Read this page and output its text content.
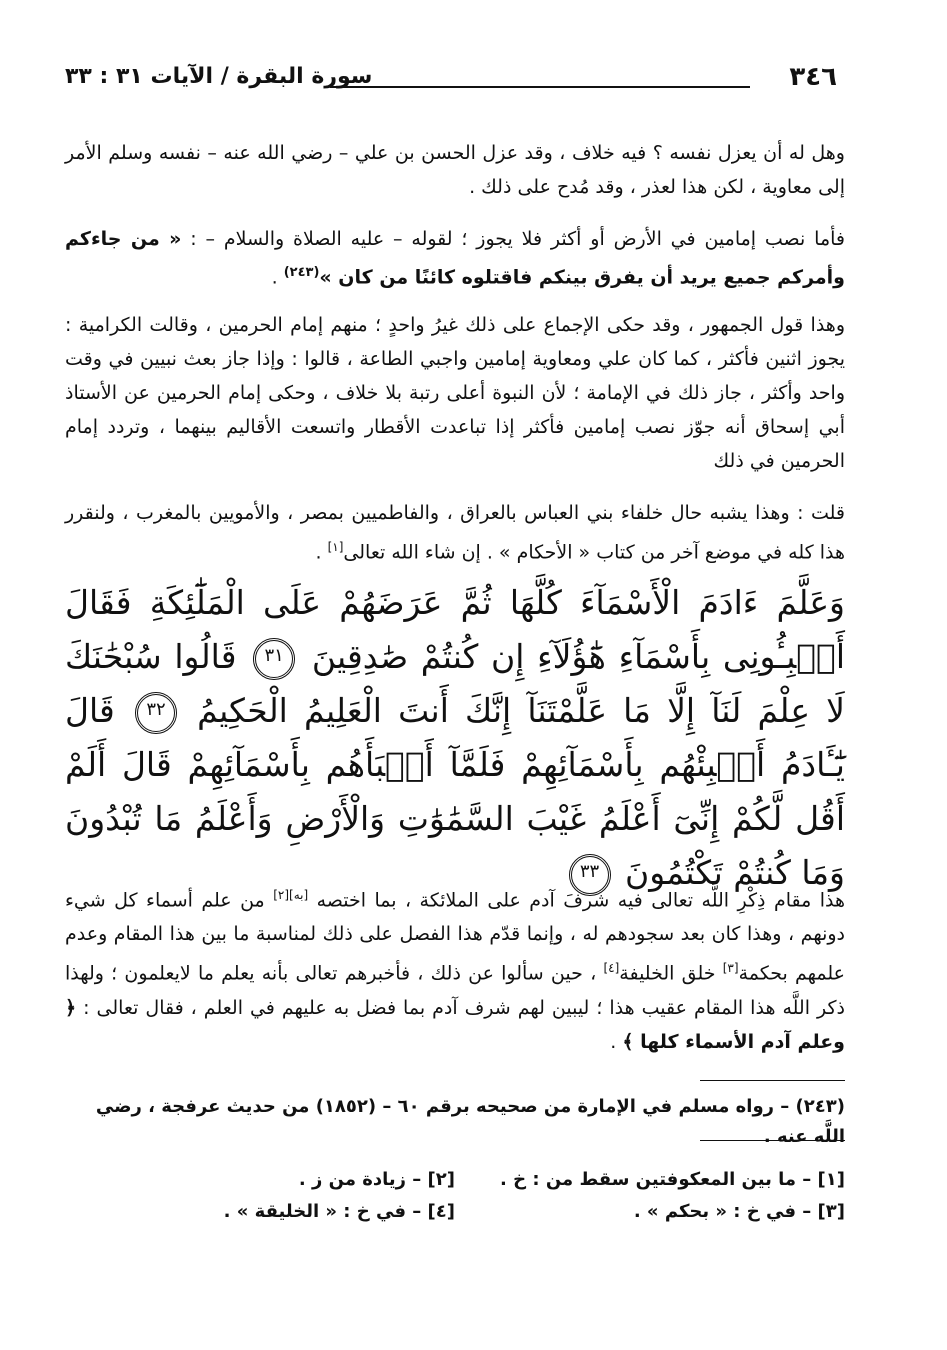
٣٤٦
سورة البقرة / الآيات ٣١ : ٣٣
وهل له أن يعزل نفسه ؟ فيه خلاف ، وقد عزل الحسن بن علي – رضي الله عنه – نفسه وسلم الأمر إلى معاوية ، لكن هذا لعذر ، وقد مُدح على ذلك .
فأما نصب إمامين في الأرض أو أكثر فلا يجوز ؛ لقوله – عليه الصلاة والسلام – : « من جاءكم وأمركم جميع يريد أن يفرق بينكم فاقتلوه كائنًا من كان »$^{(٢٤٣)}$ .
وهذا قول الجمهور ، وقد حكى الإجماع على ذلك غيرُ واحدٍ ؛ منهم إمام الحرمين ، وقالت الكرامية : يجوز اثنين فأكثر ، كما كان علي ومعاوية إمامين واجبي الطاعة ، قالوا : وإذا جاز بعث نبيين في وقت واحد وأكثر ، جاز ذلك في الإمامة ؛ لأن النبوة أعلى رتبة بلا خلاف ، وحكى إمام الحرمين عن الأستاذ أبي إسحاق أنه جوّز نصب إمامين فأكثر إذا تباعدت الأقطار واتسعت الأقاليم بينهما ، وتردد إمام الحرمين في ذلك
قلت : وهذا يشبه حال خلفاء بني العباس بالعراق ، والفاطميين بمصر ، والأمويين بالمغرب ، ولنقرر هذا كله في موضع آخر من كتاب « الأحكام » . إن شاء الله تعالى[١] .
وَعَلَّمَ ءَادَمَ الْأَسْمَآءَ كُلَّهَا ثُمَّ عَرَضَهُمْ عَلَى الْمَلَٰٓئِكَةِ فَقَالَ أَنۢبِـُٔونِى بِأَسْمَآءِ هَٰٓؤُلَآءِ إِن كُنتُمْ صَٰدِقِينَ ٣١ قَالُوا سُبْحَٰنَكَ لَا عِلْمَ لَنَآ إِلَّا مَا عَلَّمْتَنَآ إِنَّكَ أَنتَ الْعَلِيمُ الْحَكِيمُ ٣٢ قَالَ يَٰٓـَٔادَمُ أَنۢبِئْهُم بِأَسْمَآئِهِمْ فَلَمَّآ أَنۢبَأَهُم بِأَسْمَآئِهِمْ قَالَ أَلَمْ أَقُل لَّكُمْ إِنِّىٓ أَعْلَمُ غَيْبَ السَّمَٰوَٰتِ وَالْأَرْضِ وَأَعْلَمُ مَا تُبْدُونَ وَمَا كُنتُمْ تَكْتُمُونَ ٣٣
هذا مقام ذِكْرِ اللَّه تعالى فيه شرفَ آدم على الملائكة ، بما اختصه [به][٢] من علم أسماء كل شيء دونهم ، وهذا كان بعد سجودهم له ، وإنما قدّم هذا الفصل على ذلك لمناسبة ما بين هذا المقام وعدم علمهم بحكمة[٣] خلق الخليفة[٤] ، حين سألوا عن ذلك ، فأخبرهم تعالى بأنه يعلم ما لايعلمون ؛ ولهذا ذكر اللَّه هذا المقام عقيب هذا ؛ ليبين لهم شرف آدم بما فضل به عليهم في العلم ، فقال تعالى : ﴿ وعلم آدم الأسماء كلها ﴾ .
(٢٤٣) – رواه مسلم في الإمارة من صحيحه برقم ٦٠ – (١٨٥٢) من حديث عرفجة ، رضي اللَّه عنه .
[١] – ما بين المعكوفتين سقط من : خ .
[٢] – زيادة من ز .
[٣] – في خ : « بحكم » .
[٤] – في خ : « الخليقة » .
